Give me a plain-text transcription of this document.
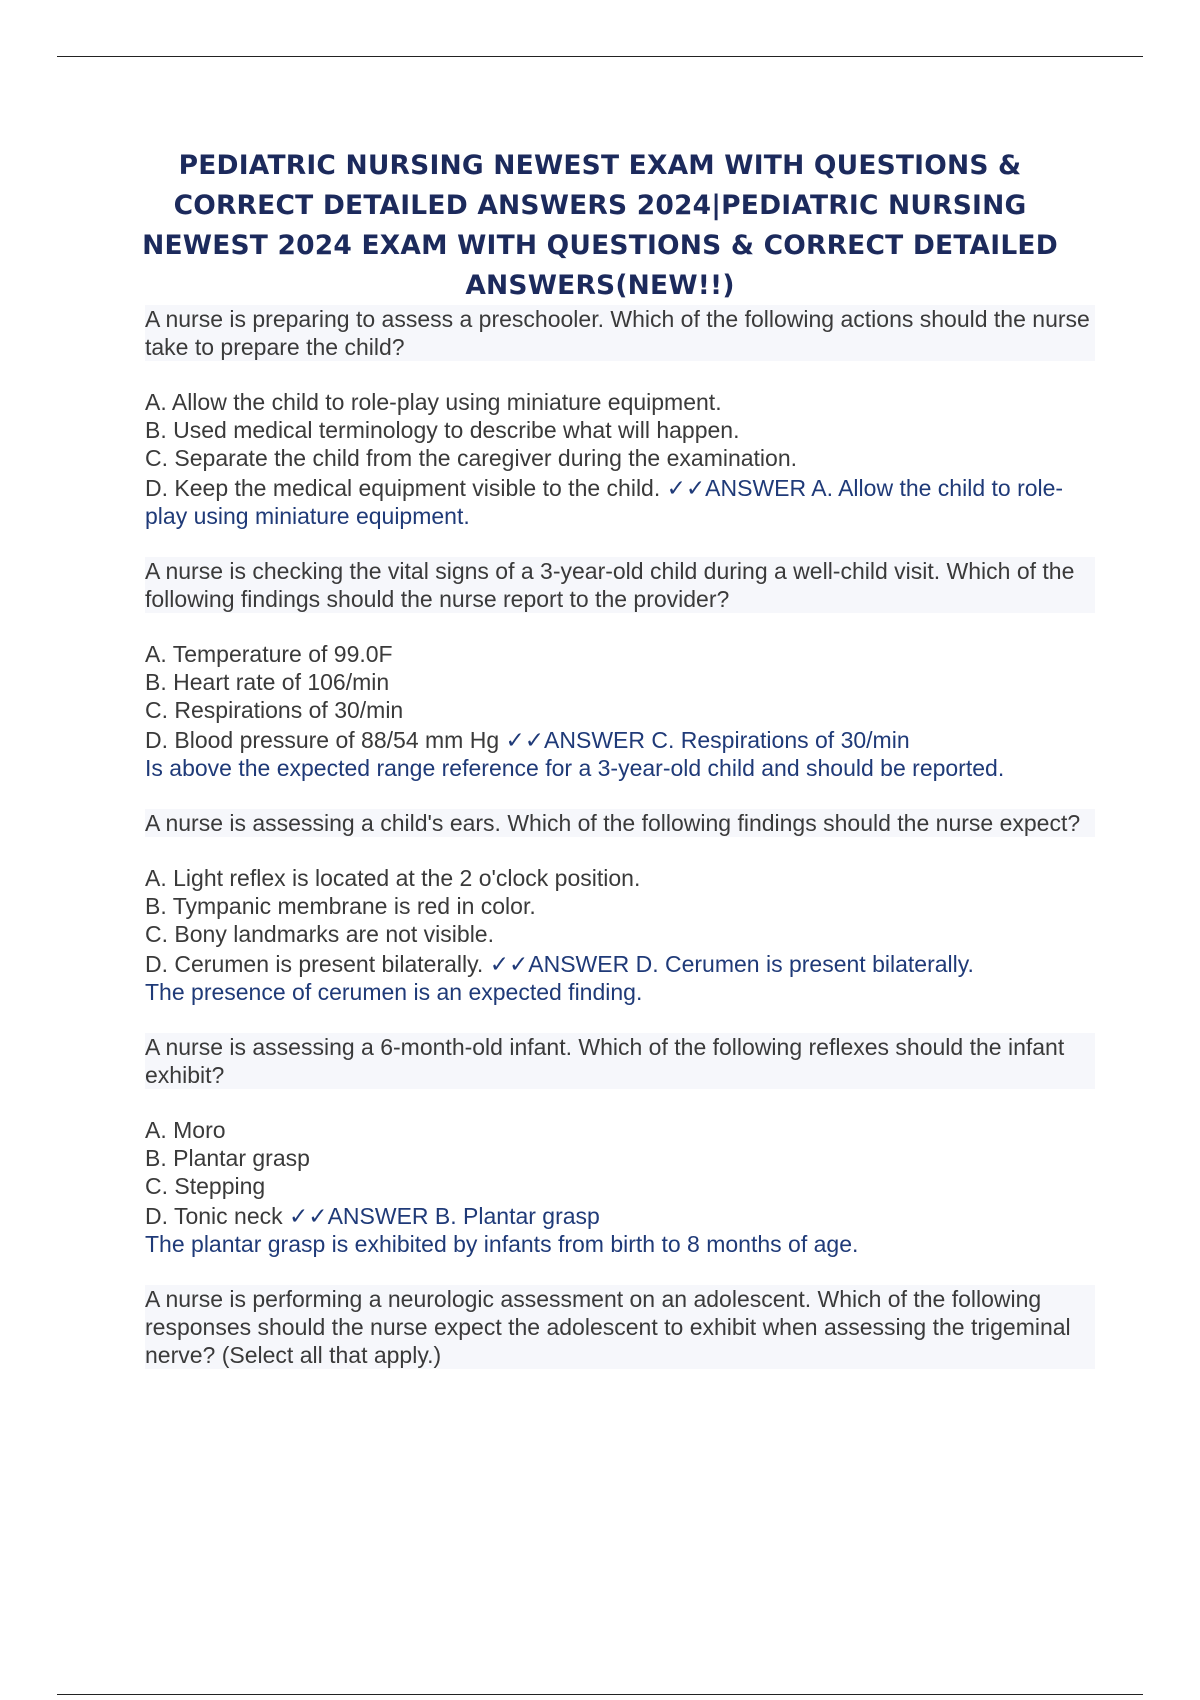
PEDIATRIC NURSING NEWEST EXAM WITH QUESTIONS & CORRECT DETAILED ANSWERS 2024|PEDIATRIC NURSING NEWEST 2024 EXAM WITH QUESTIONS & CORRECT DETAILED ANSWERS(NEW!!)
A nurse is preparing to assess a preschooler. Which of the following actions should the nurse take to prepare the child?
A. Allow the child to role-play using miniature equipment.
B. Used medical terminology to describe what will happen.
C. Separate the child from the caregiver during the examination.
D. Keep the medical equipment visible to the child. ✓✓ANSWER A. Allow the child to role-play using miniature equipment.
A nurse is checking the vital signs of a 3-year-old child during a well-child visit. Which of the following findings should the nurse report to the provider?
A. Temperature of 99.0F
B. Heart rate of 106/min
C. Respirations of 30/min
D. Blood pressure of 88/54 mm Hg ✓✓ANSWER C. Respirations of 30/min
Is above the expected range reference for a 3-year-old child and should be reported.
A nurse is assessing a child's ears. Which of the following findings should the nurse expect?
A. Light reflex is located at the 2 o'clock position.
B. Tympanic membrane is red in color.
C. Bony landmarks are not visible.
D. Cerumen is present bilaterally. ✓✓ANSWER D. Cerumen is present bilaterally.
The presence of cerumen is an expected finding.
A nurse is assessing a 6-month-old infant. Which of the following reflexes should the infant exhibit?
A. Moro
B. Plantar grasp
C. Stepping
D. Tonic neck ✓✓ANSWER B. Plantar grasp
The plantar grasp is exhibited by infants from birth to 8 months of age.
A nurse is performing a neurologic assessment on an adolescent. Which of the following responses should the nurse expect the adolescent to exhibit when assessing the trigeminal nerve? (Select all that apply.)
